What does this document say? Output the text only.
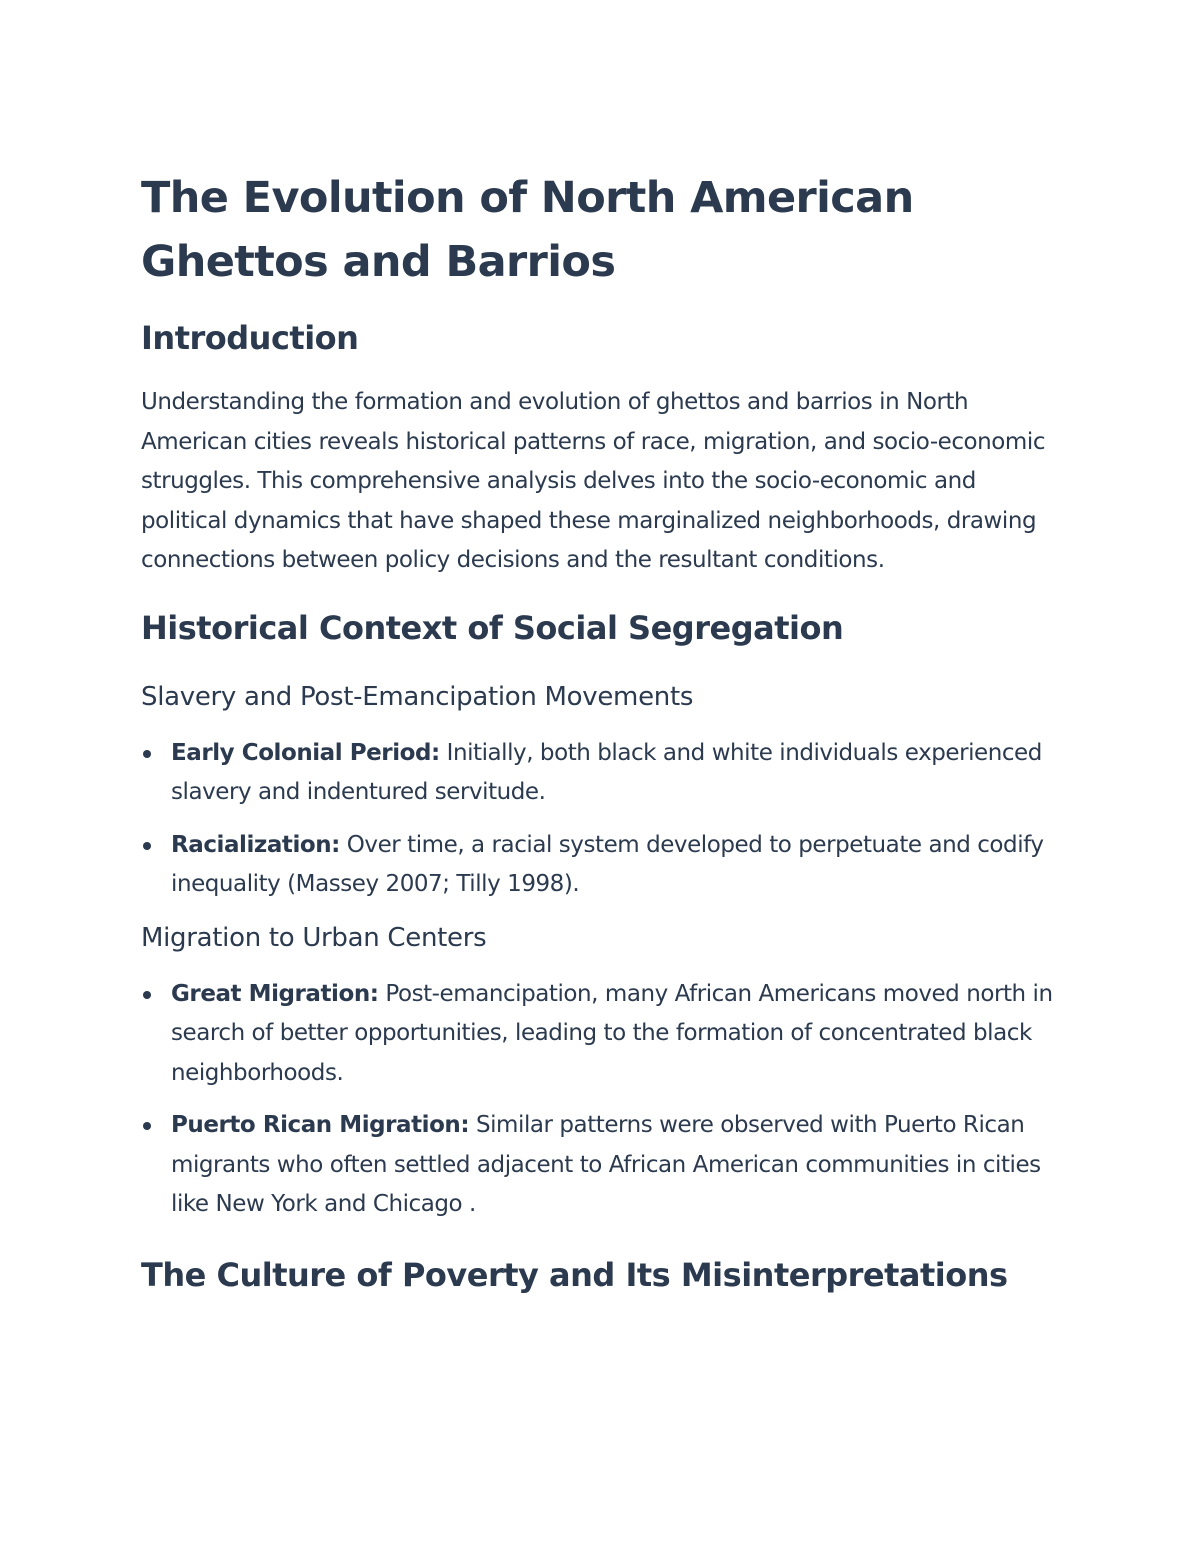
The Evolution of North American Ghettos and Barrios
Introduction

Understanding the formation and evolution of ghettos and barrios in North American cities reveals historical patterns of race, migration, and socio-economic struggles. This comprehensive analysis delves into the socio-economic and political dynamics that have shaped these marginalized neighborhoods, drawing connections between policy decisions and the resultant conditions.

Historical Context of Social Segregation
Slavery and Post-Emancipation Movements
Early Colonial Period: Initially, both black and white individuals experienced slavery and indentured servitude.
Racialization: Over time, a racial system developed to perpetuate and codify inequality (Massey 2007; Tilly 1998).
Migration to Urban Centers
Great Migration: Post-emancipation, many African Americans moved north in search of better opportunities, leading to the formation of concentrated black neighborhoods.
Puerto Rican Migration: Similar patterns were observed with Puerto Rican migrants who often settled adjacent to African American communities in cities like New York and Chicago .
The Culture of Poverty and Its Misinterpretations
